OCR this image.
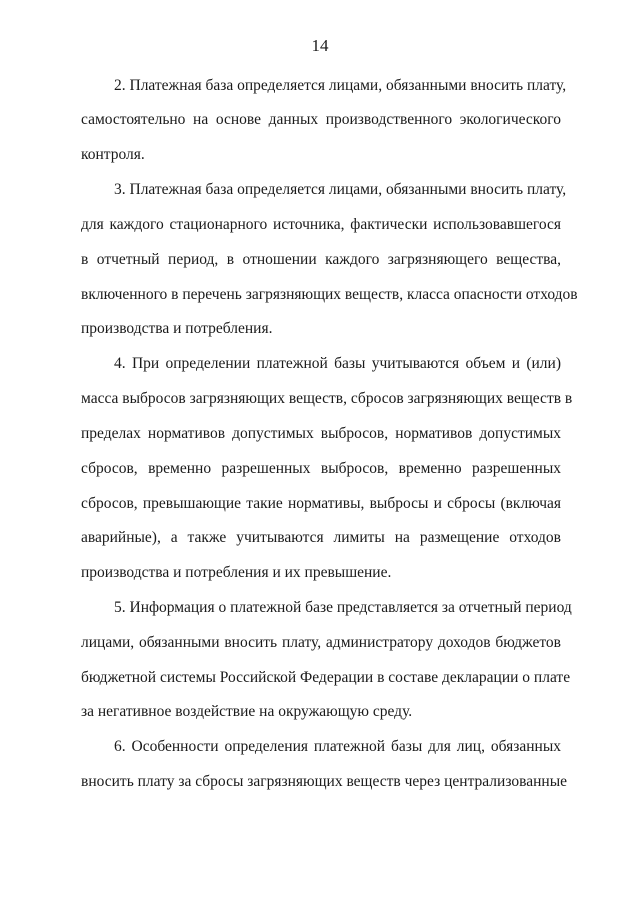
14
2. Платежная база определяется лицами, обязанными вносить плату,
самостоятельно на основе данных производственного экологического
контроля.
3. Платежная база определяется лицами, обязанными вносить плату,
для каждого стационарного источника, фактически использовавшегося
в отчетный период, в отношении каждого загрязняющего вещества,
включенного в перечень загрязняющих веществ, класса опасности отходов
производства и потребления.
4. При определении платежной базы учитываются объем и (или)
масса выбросов загрязняющих веществ, сбросов загрязняющих веществ в
пределах нормативов допустимых выбросов, нормативов допустимых
сбросов, временно разрешенных выбросов, временно разрешенных
сбросов, превышающие такие нормативы, выбросы и сбросы (включая
аварийные), а также учитываются лимиты на размещение отходов
производства и потребления и их превышение.
5. Информация о платежной базе представляется за отчетный период
лицами, обязанными вносить плату, администратору доходов бюджетов
бюджетной системы Российской Федерации в составе декларации о плате
за негативное воздействие на окружающую среду.
6. Особенности определения платежной базы для лиц, обязанных
вносить плату за сбросы загрязняющих веществ через централизованные
